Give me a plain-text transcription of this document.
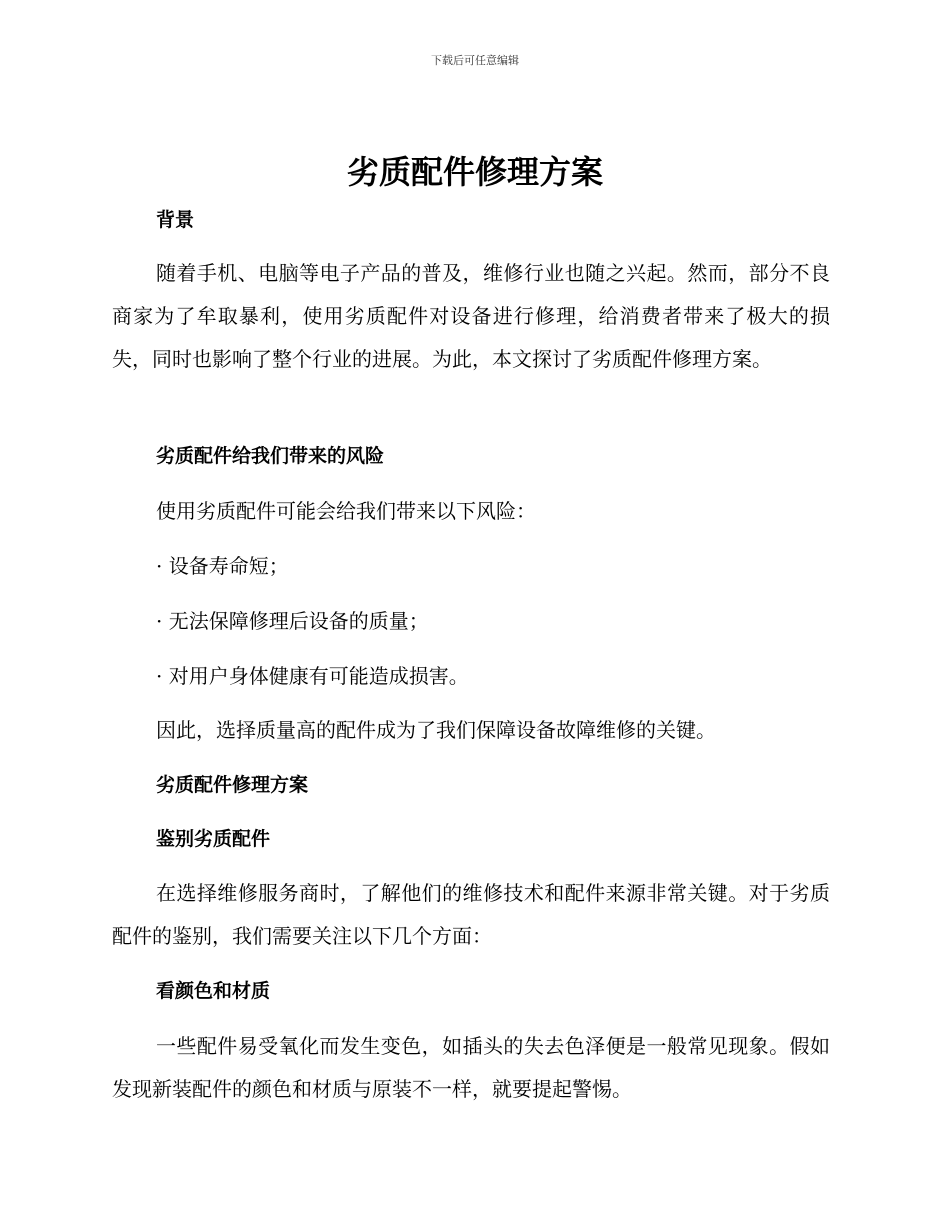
下载后可任意编辑
劣质配件修理方案
背景

随着手机、电脑等电子产品的普及，维修行业也随之兴起。然而，部分不良商家为了牟取暴利，使用劣质配件对设备进行修理，给消费者带来了极大的损失，同时也影响了整个行业的进展。为此，本文探讨了劣质配件修理方案。

劣质配件给我们带来的风险
使用劣质配件可能会给我们带来以下风险：
· 设备寿命短；
· 无法保障修理后设备的质量；
· 对用户身体健康有可能造成损害。
因此，选择质量高的配件成为了我们保障设备故障维修的关键。
劣质配件修理方案
鉴别劣质配件

在选择维修服务商时，了解他们的维修技术和配件来源非常关键。对于劣质配件的鉴别，我们需要关注以下几个方面：

看颜色和材质

一些配件易受氧化而发生变色，如插头的失去色泽便是一般常见现象。假如发现新装配件的颜色和材质与原装不一样，就要提起警惕。
